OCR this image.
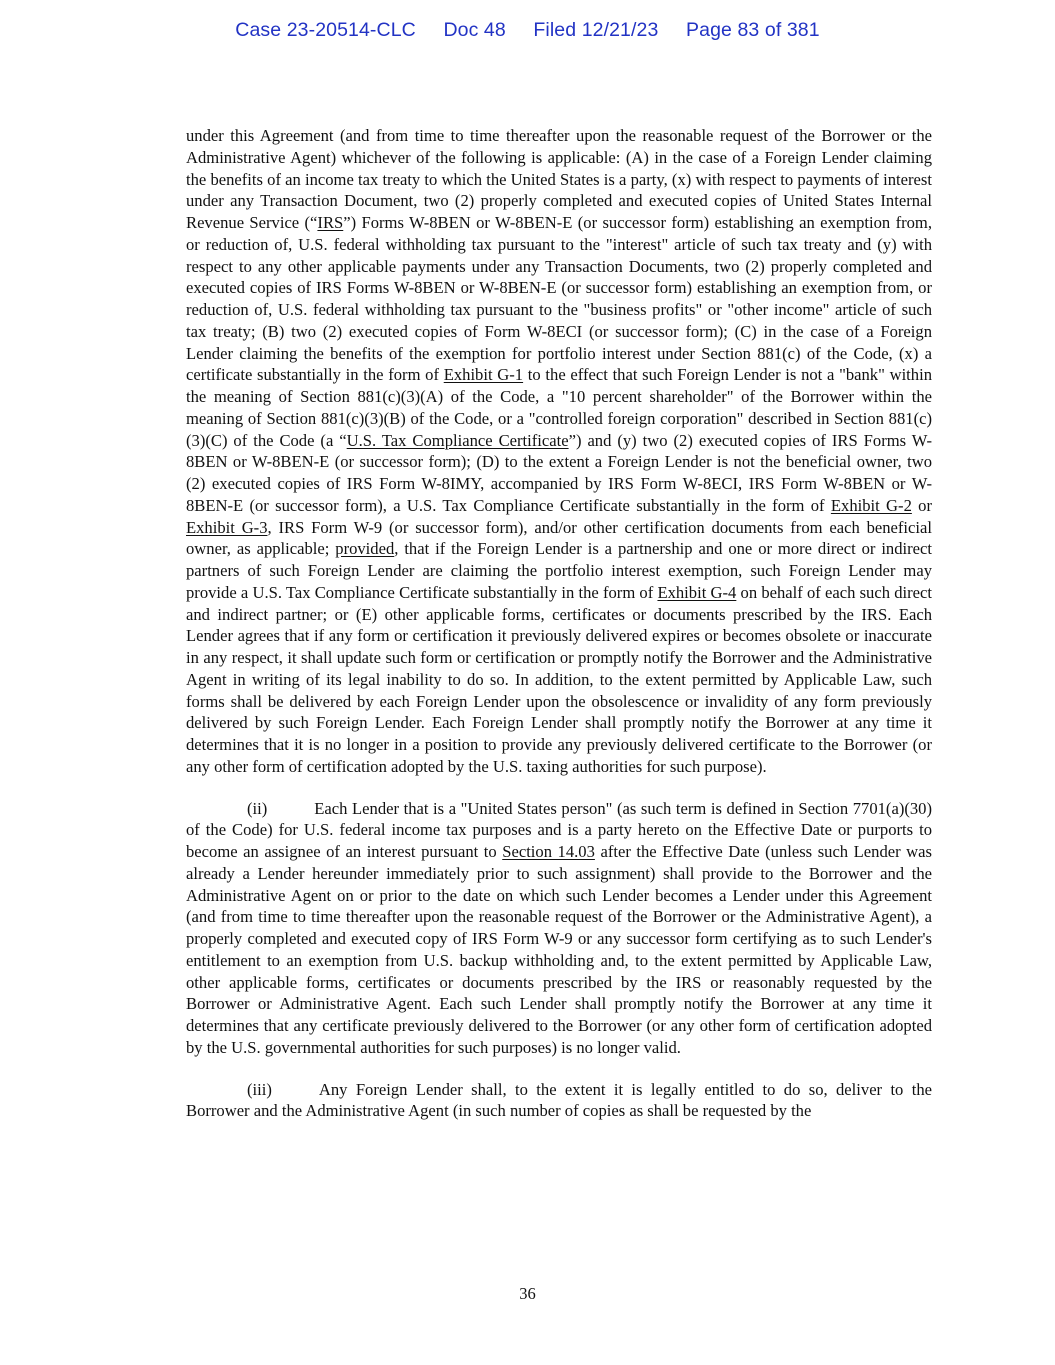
Case 23-20514-CLC Doc 48 Filed 12/21/23 Page 83 of 381

under this Agreement (and from time to time thereafter upon the reasonable request of the Borrower or the Administrative Agent) whichever of the following is applicable: (A) in the case of a Foreign Lender claiming the benefits of an income tax treaty to which the United States is a party, (x) with respect to payments of interest under any Transaction Document, two (2) properly completed and executed copies of United States Internal Revenue Service (“IRS”) Forms W-8BEN or W-8BEN-E (or successor form) establishing an exemption from, or reduction of, U.S. federal withholding tax pursuant to the "interest" article of such tax treaty and (y) with respect to any other applicable payments under any Transaction Documents, two (2) properly completed and executed copies of IRS Forms W-8BEN or W-8BEN-E (or successor form) establishing an exemption from, or reduction of, U.S. federal withholding tax pursuant to the "business profits" or "other income" article of such tax treaty; (B) two (2) executed copies of Form W-8ECI (or successor form); (C) in the case of a Foreign Lender claiming the benefits of the exemption for portfolio interest under Section 881(c) of the Code, (x) a certificate substantially in the form of Exhibit G-1 to the effect that such Foreign Lender is not a "bank" within the meaning of Section 881(c)(3)(A) of the Code, a "10 percent shareholder" of the Borrower within the meaning of Section 881(c)(3)(B) of the Code, or a "controlled foreign corporation" described in Section 881(c)(3)(C) of the Code (a “U.S. Tax Compliance Certificate”) and (y) two (2) executed copies of IRS Forms W-8BEN or W-8BEN-E (or successor form); (D) to the extent a Foreign Lender is not the beneficial owner, two (2) executed copies of IRS Form W-8IMY, accompanied by IRS Form W-8ECI, IRS Form W-8BEN or W-8BEN-E (or successor form), a U.S. Tax Compliance Certificate substantially in the form of Exhibit G-2 or Exhibit G-3, IRS Form W-9 (or successor form), and/or other certification documents from each beneficial owner, as applicable; provided, that if the Foreign Lender is a partnership and one or more direct or indirect partners of such Foreign Lender are claiming the portfolio interest exemption, such Foreign Lender may provide a U.S. Tax Compliance Certificate substantially in the form of Exhibit G-4 on behalf of each such direct and indirect partner; or (E) other applicable forms, certificates or documents prescribed by the IRS. Each Lender agrees that if any form or certification it previously delivered expires or becomes obsolete or inaccurate in any respect, it shall update such form or certification or promptly notify the Borrower and the Administrative Agent in writing of its legal inability to do so. In addition, to the extent permitted by Applicable Law, such forms shall be delivered by each Foreign Lender upon the obsolescence or invalidity of any form previously delivered by such Foreign Lender. Each Foreign Lender shall promptly notify the Borrower at any time it determines that it is no longer in a position to provide any previously delivered certificate to the Borrower (or any other form of certification adopted by the U.S. taxing authorities for such purpose).

(ii)	Each Lender that is a "United States person" (as such term is defined in Section 7701(a)(30) of the Code) for U.S. federal income tax purposes and is a party hereto on the Effective Date or purports to become an assignee of an interest pursuant to Section 14.03 after the Effective Date (unless such Lender was already a Lender hereunder immediately prior to such assignment) shall provide to the Borrower and the Administrative Agent on or prior to the date on which such Lender becomes a Lender under this Agreement (and from time to time thereafter upon the reasonable request of the Borrower or the Administrative Agent), a properly completed and executed copy of IRS Form W-9 or any successor form certifying as to such Lender's entitlement to an exemption from U.S. backup withholding and, to the extent permitted by Applicable Law, other applicable forms, certificates or documents prescribed by the IRS or reasonably requested by the Borrower or Administrative Agent. Each such Lender shall promptly notify the Borrower at any time it determines that any certificate previously delivered to the Borrower (or any other form of certification adopted by the U.S. governmental authorities for such purposes) is no longer valid.

(iii)	Any Foreign Lender shall, to the extent it is legally entitled to do so, deliver to the Borrower and the Administrative Agent (in such number of copies as shall be requested by the

36
